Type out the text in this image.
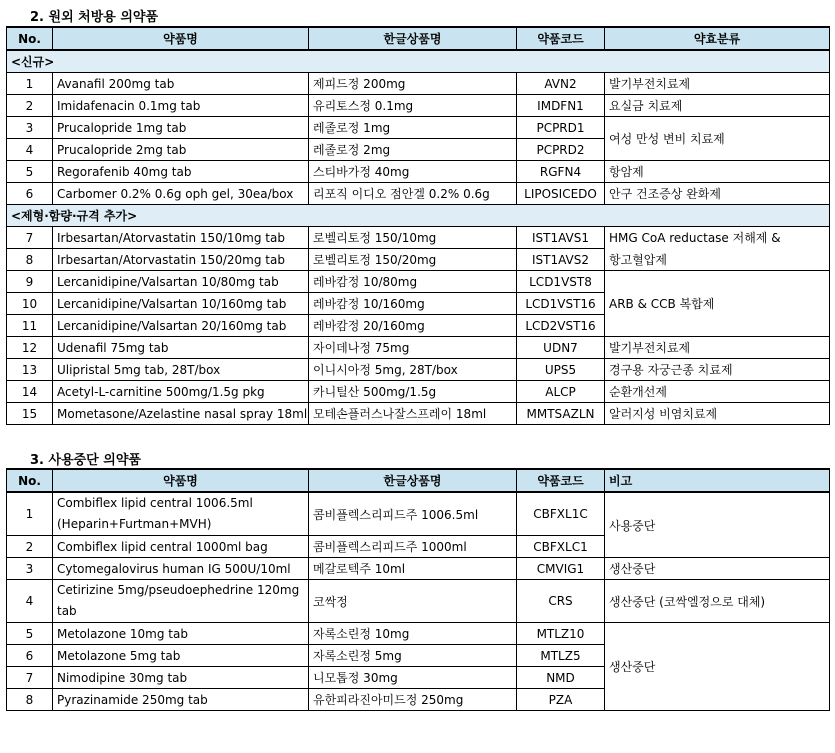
2. 원외 처방용 의약품
No.	약품명	한글상품명	약품코드	약효분류
<신규>				
1	Avanafil 200mg tab	제피드정 200mg	AVN2	발기부전치료제
2	Imidafenacin 0.1mg tab	유리토스정 0.1mg	IMDFN1	요실금 치료제
3	Prucalopride 1mg tab	레졸로정 1mg	PCPRD1	여성 만성 변비 치료제
4	Prucalopride 2mg tab	레졸로정 2mg	PCPRD2	
5	Regorafenib 40mg tab	스티바가정 40mg	RGFN4	항암제
6	Carbomer 0.2% 0.6g oph gel, 30ea/box	리포직 이디오 점안겔 0.2% 0.6g	LIPOSICEDO	안구 건조증상 완화제
<제형·함량·규격 추가>				
7	Irbesartan/Atorvastatin 150/10mg tab	로벨리토정 150/10mg	IST1AVS1	HMG CoA reductase 저해제 &
8	Irbesartan/Atorvastatin 150/20mg tab	로벨리토정 150/20mg	IST1AVS2	항고혈압제
9	Lercanidipine/Valsartan 10/80mg tab	레바캄정 10/80mg	LCD1VST8	ARB & CCB 복합제
10	Lercanidipine/Valsartan 10/160mg tab	레바캄정 10/160mg	LCD1VST16	
11	Lercanidipine/Valsartan 20/160mg tab	레바캄정 20/160mg	LCD2VST16	
12	Udenafil 75mg tab	자이데나정 75mg	UDN7	발기부전치료제
13	Ulipristal 5mg tab, 28T/box	이니시아정 5mg, 28T/box	UPS5	경구용 자궁근종 치료제
14	Acetyl-L-carnitine 500mg/1.5g pkg	카니틸산 500mg/1.5g	ALCP	순환개선제
15	Mometasone/Azelastine nasal spray 18ml	모테손플러스나잘스프레이 18ml	MMTSAZLN	알러지성 비염치료제
3. 사용중단 의약품
No.	약품명	한글상품명	약품코드	비고
1	Combiflex lipid central 1006.5ml (Heparin+Furtman+MVH)	콤비플렉스리피드주 1006.5ml	CBFXL1C	사용중단
2	Combiflex lipid central 1000ml bag	콤비플렉스리피드주 1000ml	CBFXLC1	
3	Cytomegalovirus human IG 500U/10ml	메갈로텍주 10ml	CMVIG1	생산중단
4	Cetirizine 5mg/pseudoephedrine 120mg tab	코싹정	CRS	생산중단 (코싹엘정으로 대체)
5	Metolazone 10mg tab	자록소린정 10mg	MTLZ10	생산중단
6	Metolazone 5mg tab	자록소린정 5mg	MTLZ5	
7	Nimodipine 30mg tab	니모톱정 30mg	NMD	
8	Pyrazinamide 250mg tab	유한피라진아미드정 250mg	PZA	
